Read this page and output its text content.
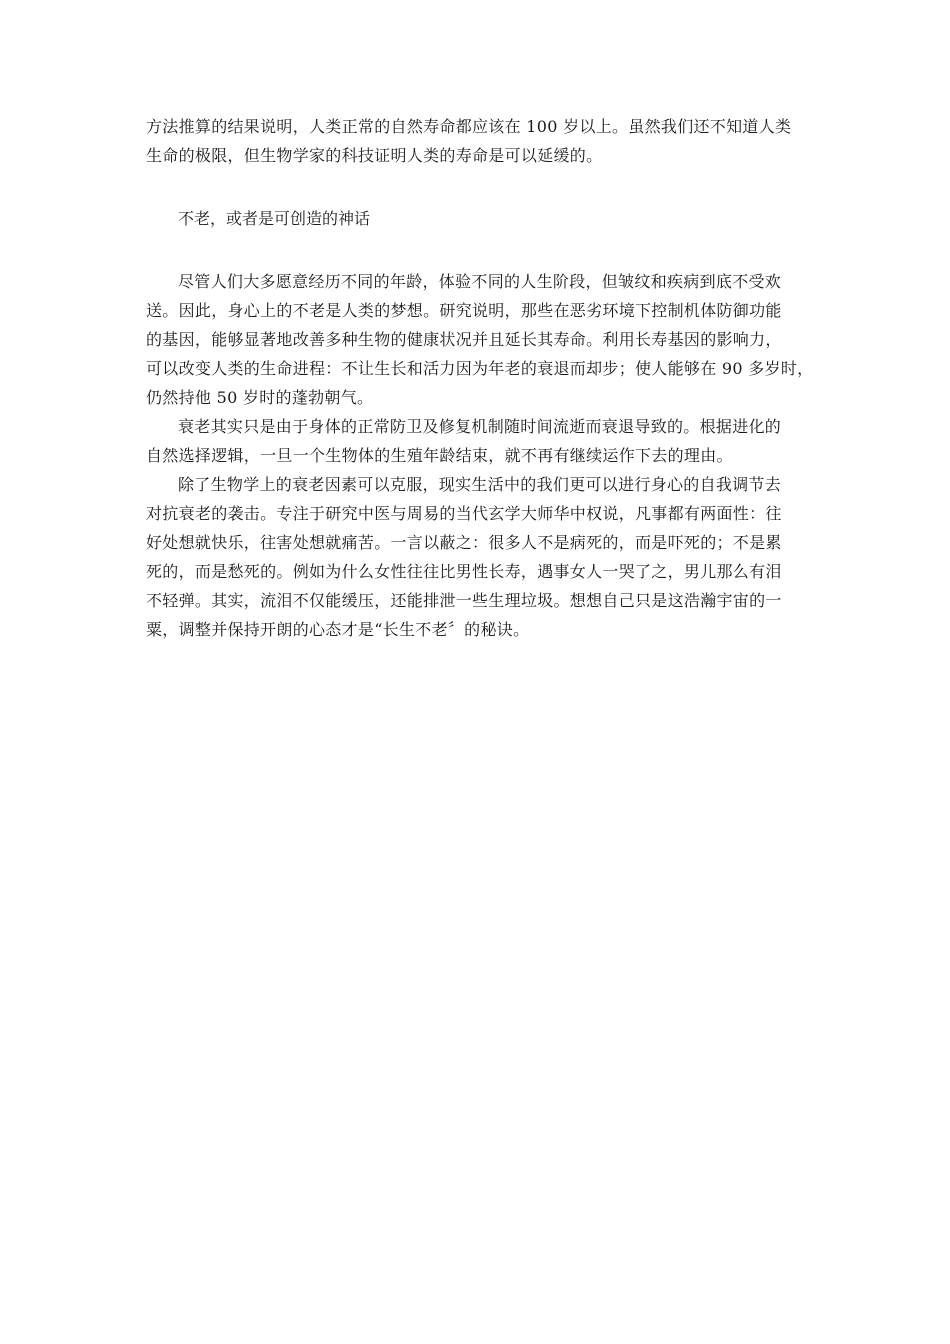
方法推算的结果说明，人类正常的自然寿命都应该在 100 岁以上。虽然我们还不知道人类
生命的极限，但生物学家的科技证明人类的寿命是可以延缓的。
不老，或者是可创造的神话
尽管人们大多愿意经历不同的年龄，体验不同的人生阶段，但皱纹和疾病到底不受欢
送。因此，身心上的不老是人类的梦想。研究说明，那些在恶劣环境下控制机体防御功能
的基因，能够显著地改善多种生物的健康状况并且延长其寿命。利用长寿基因的影响力，
可以改变人类的生命进程：不让生长和活力因为年老的衰退而却步；使人能够在 90 多岁时，
仍然持他 50 岁时的蓬勃朝气。
衰老其实只是由于身体的正常防卫及修复机制随时间流逝而衰退导致的。根据进化的
自然选择逻辑，一旦一个生物体的生殖年龄结束，就不再有继续运作下去的理由。
除了生物学上的衰老因素可以克服，现实生活中的我们更可以进行身心的自我调节去
对抗衰老的袭击。专注于研究中医与周易的当代玄学大师华中权说，凡事都有两面性：往
好处想就快乐，往害处想就痛苦。一言以蔽之：很多人不是病死的，而是吓死的；不是累
死的，而是愁死的。例如为什么女性往往比男性长寿，遇事女人一哭了之，男儿那么有泪
不轻弹。其实，流泪不仅能缓压，还能排泄一些生理垃圾。想想自己只是这浩瀚宇宙的一
粟，调整并保持开朗的心态才是“长生不老〞的秘诀。
